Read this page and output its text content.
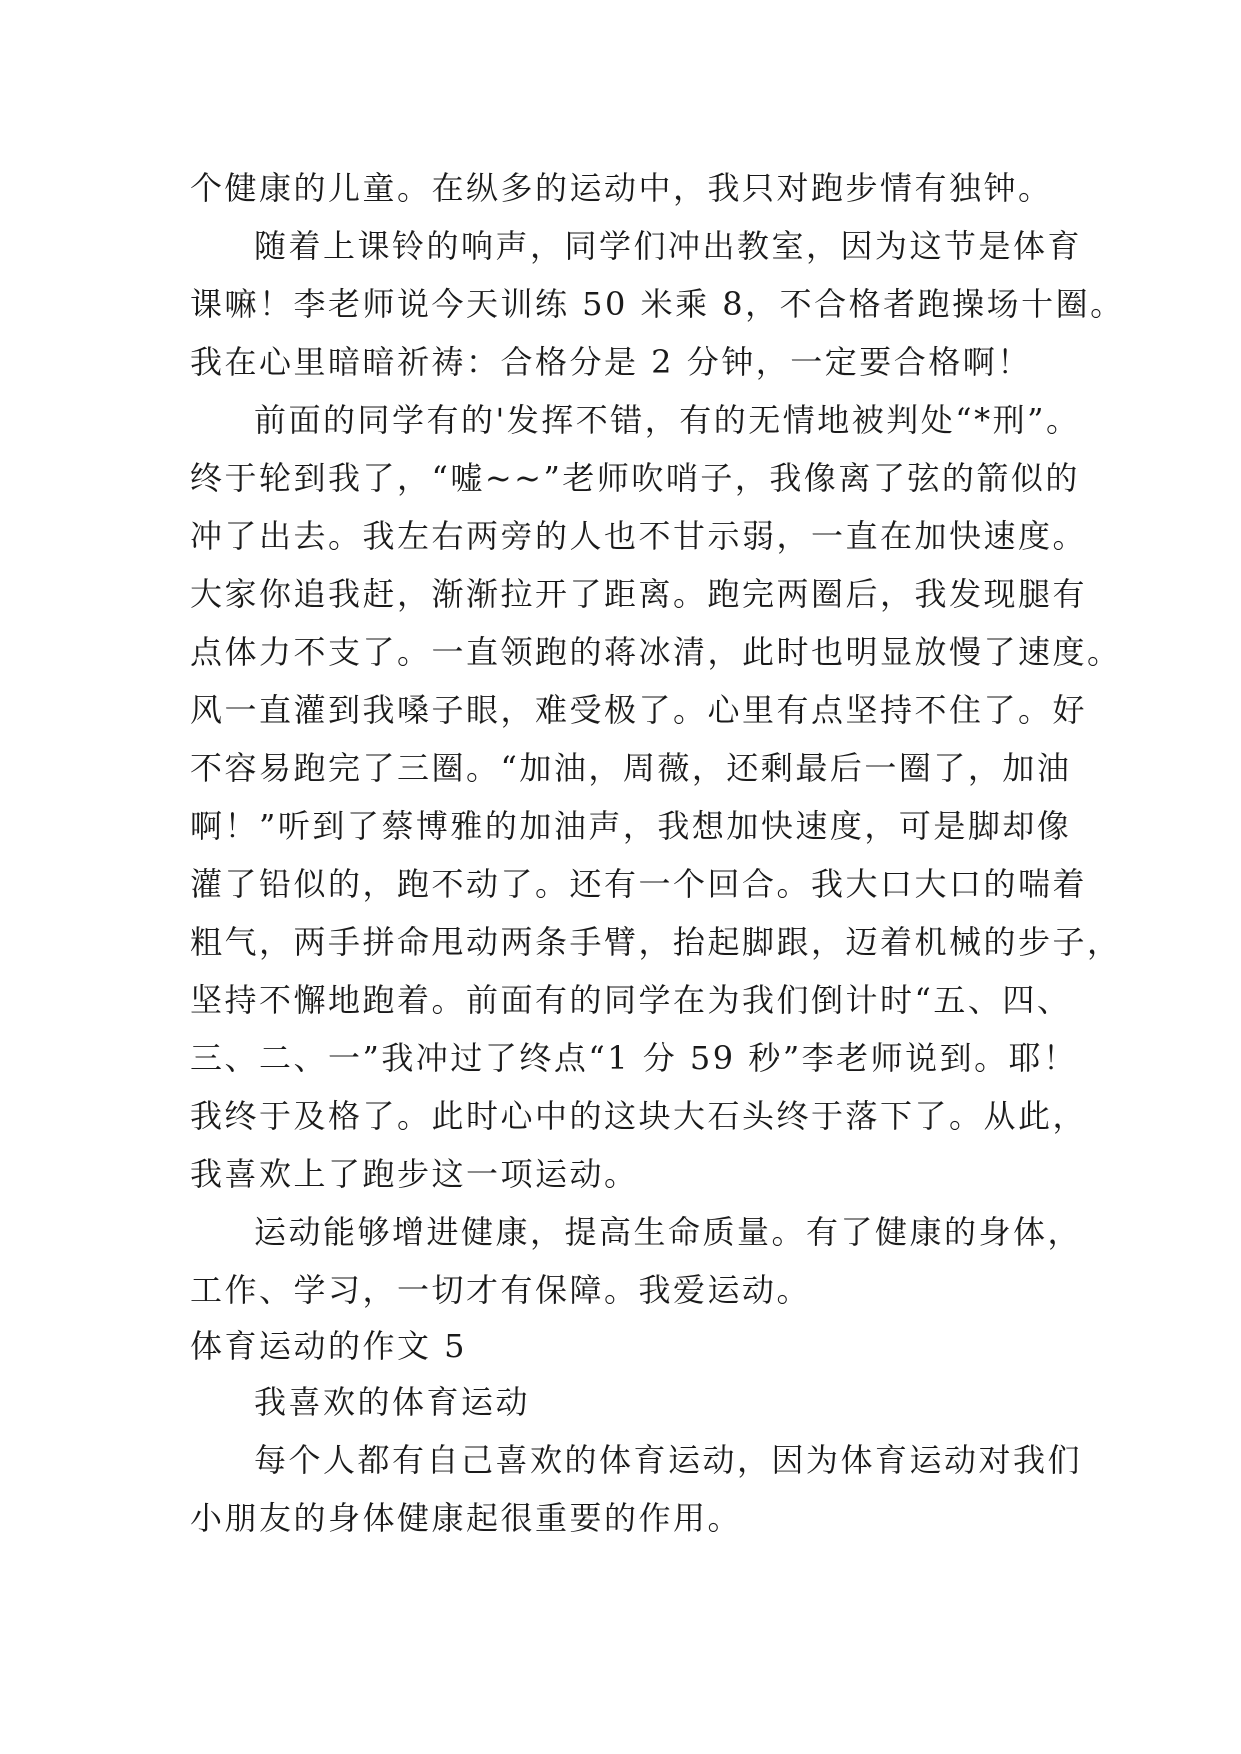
个健康的儿童。在纵多的运动中，我只对跑步情有独钟。
随着上课铃的响声，同学们冲出教室，因为这节是体育
课嘛！李老师说今天训练 50 米乘 8，不合格者跑操场十圈。
我在心里暗暗祈祷：合格分是 2 分钟，一定要合格啊！
前面的同学有的'发挥不错，有的无情地被判处“*刑”。
终于轮到我了，“嘘~~”老师吹哨子，我像离了弦的箭似的
冲了出去。我左右两旁的人也不甘示弱，一直在加快速度。
大家你追我赶，渐渐拉开了距离。跑完两圈后，我发现腿有
点体力不支了。一直领跑的蒋冰清，此时也明显放慢了速度。
风一直灌到我嗓子眼，难受极了。心里有点坚持不住了。好
不容易跑完了三圈。“加油，周薇，还剩最后一圈了，加油
啊！”听到了蔡博雅的加油声，我想加快速度，可是脚却像
灌了铅似的，跑不动了。还有一个回合。我大口大口的喘着
粗气，两手拼命甩动两条手臂，抬起脚跟，迈着机械的步子，
坚持不懈地跑着。前面有的同学在为我们倒计时“五、四、
三、二、一”我冲过了终点“1 分 59 秒”李老师说到。耶！
我终于及格了。此时心中的这块大石头终于落下了。从此，
我喜欢上了跑步这一项运动。
运动能够增进健康，提高生命质量。有了健康的身体，
工作、学习，一切才有保障。我爱运动。
体育运动的作文 5
我喜欢的体育运动
每个人都有自己喜欢的体育运动，因为体育运动对我们
小朋友的身体健康起很重要的作用。
